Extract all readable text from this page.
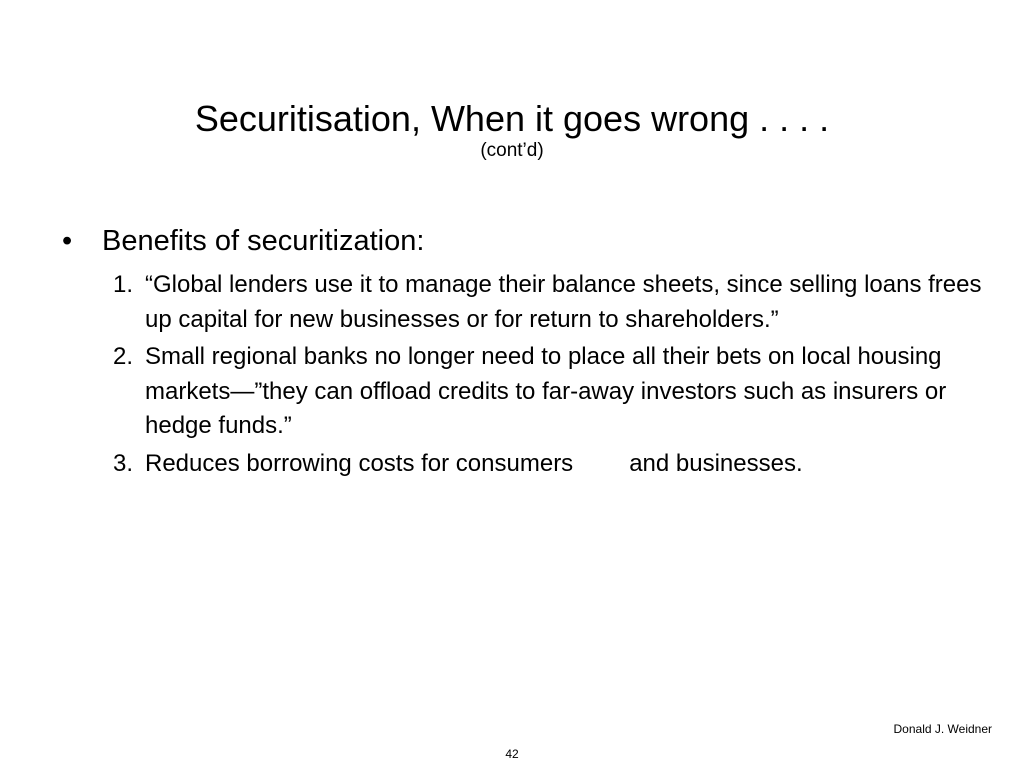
Securitisation, When it goes wrong . . . .

(cont’d)

• Benefits of securitization:
1. “Global lenders use it to manage their balance sheets, since selling loans frees up capital for new businesses or for return to shareholders.”
2. Small regional banks no longer need to place all their bets on local housing markets—”they can offload credits to far-away investors such as insurers or hedge funds.”
3. Reduces borrowing costs for consumers and businesses.
Donald J. Weidner
42
